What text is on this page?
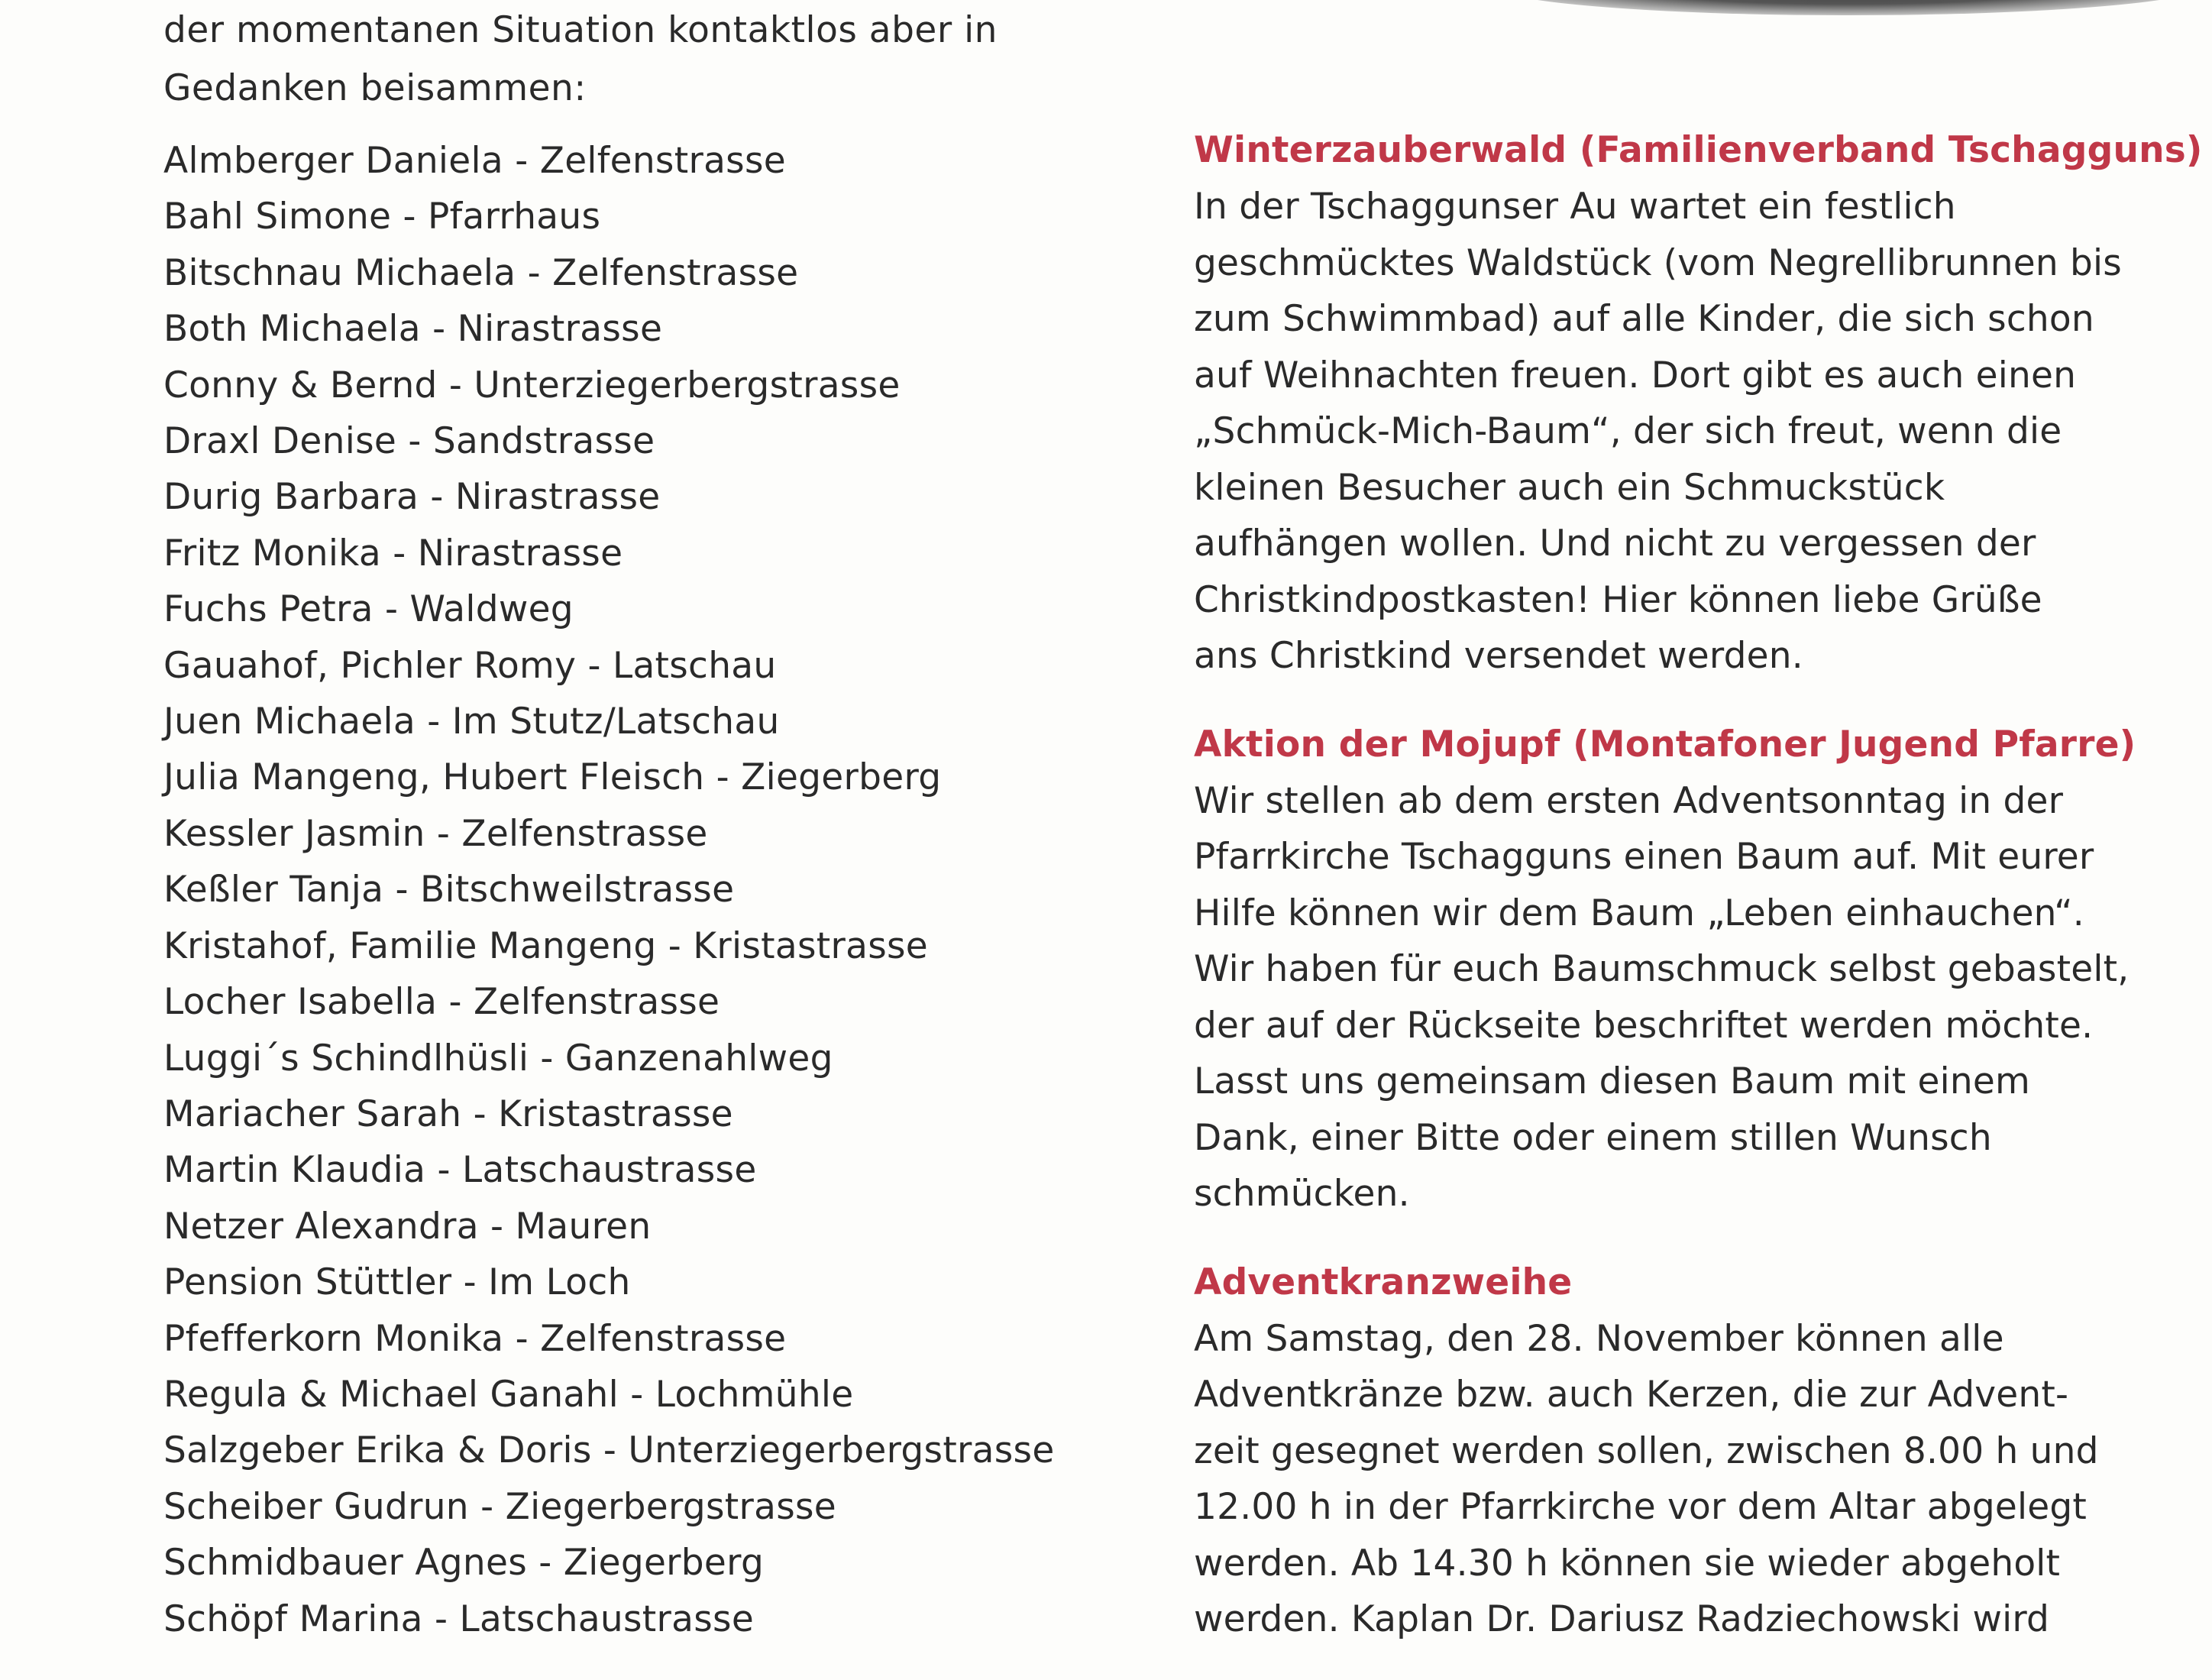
der momentanen Situation kontaktlos aber in
Gedanken beisammen:
Almberger Daniela - Zelfenstrasse
Bahl Simone - Pfarrhaus
Bitschnau Michaela - Zelfenstrasse
Both Michaela - Nirastrasse
Conny & Bernd - Unterziegerbergstrasse
Draxl Denise - Sandstrasse
Durig Barbara - Nirastrasse
Fritz Monika - Nirastrasse
Fuchs Petra - Waldweg
Gauahof, Pichler Romy - Latschau
Juen Michaela - Im Stutz/Latschau
Julia Mangeng, Hubert Fleisch - Ziegerberg
Kessler Jasmin - Zelfenstrasse
Keßler Tanja - Bitschweilstrasse
Kristahof, Familie Mangeng - Kristastrasse
Locher Isabella - Zelfenstrasse
Luggi´s Schindlhüsli - Ganzenahlweg
Mariacher Sarah - Kristastrasse
Martin Klaudia - Latschaustrasse
Netzer Alexandra - Mauren
Pension Stüttler - Im Loch
Pfefferkorn Monika - Zelfenstrasse
Regula & Michael Ganahl - Lochmühle
Salzgeber Erika & Doris - Unterziegerbergstrasse
Scheiber Gudrun - Ziegerbergstrasse
Schmidbauer Agnes - Ziegerberg
Schöpf Marina - Latschaustrasse
Winterzauberwald (Familienverband Tschagguns)
In der Tschaggunser Au wartet ein festlich
geschmücktes Waldstück (vom Negrellibrunnen bis
zum Schwimmbad) auf alle Kinder, die sich schon
auf Weihnachten freuen. Dort gibt es auch einen
„Schmück-Mich-Baum“, der sich freut, wenn die
kleinen Besucher auch ein Schmuckstück
aufhängen wollen. Und nicht zu vergessen der
Christkindpostkasten! Hier können liebe Grüße
ans Christkind versendet werden.
Aktion der Mojupf (Montafoner Jugend Pfarre)
Wir stellen ab dem ersten Adventsonntag in der
Pfarrkirche Tschagguns einen Baum auf. Mit eurer
Hilfe können wir dem Baum „Leben einhauchen“.
Wir haben für euch Baumschmuck selbst gebastelt,
der auf der Rückseite beschriftet werden möchte.
Lasst uns gemeinsam diesen Baum mit einem
Dank, einer Bitte oder einem stillen Wunsch
schmücken.
Adventkranzweihe
Am Samstag, den 28. November können alle
Adventkränze bzw. auch Kerzen, die zur Advent-
zeit gesegnet werden sollen, zwischen 8.00 h und
12.00 h in der Pfarrkirche vor dem Altar abgelegt
werden. Ab 14.30 h können sie wieder abgeholt
werden. Kaplan Dr. Dariusz Radziechowski wird
